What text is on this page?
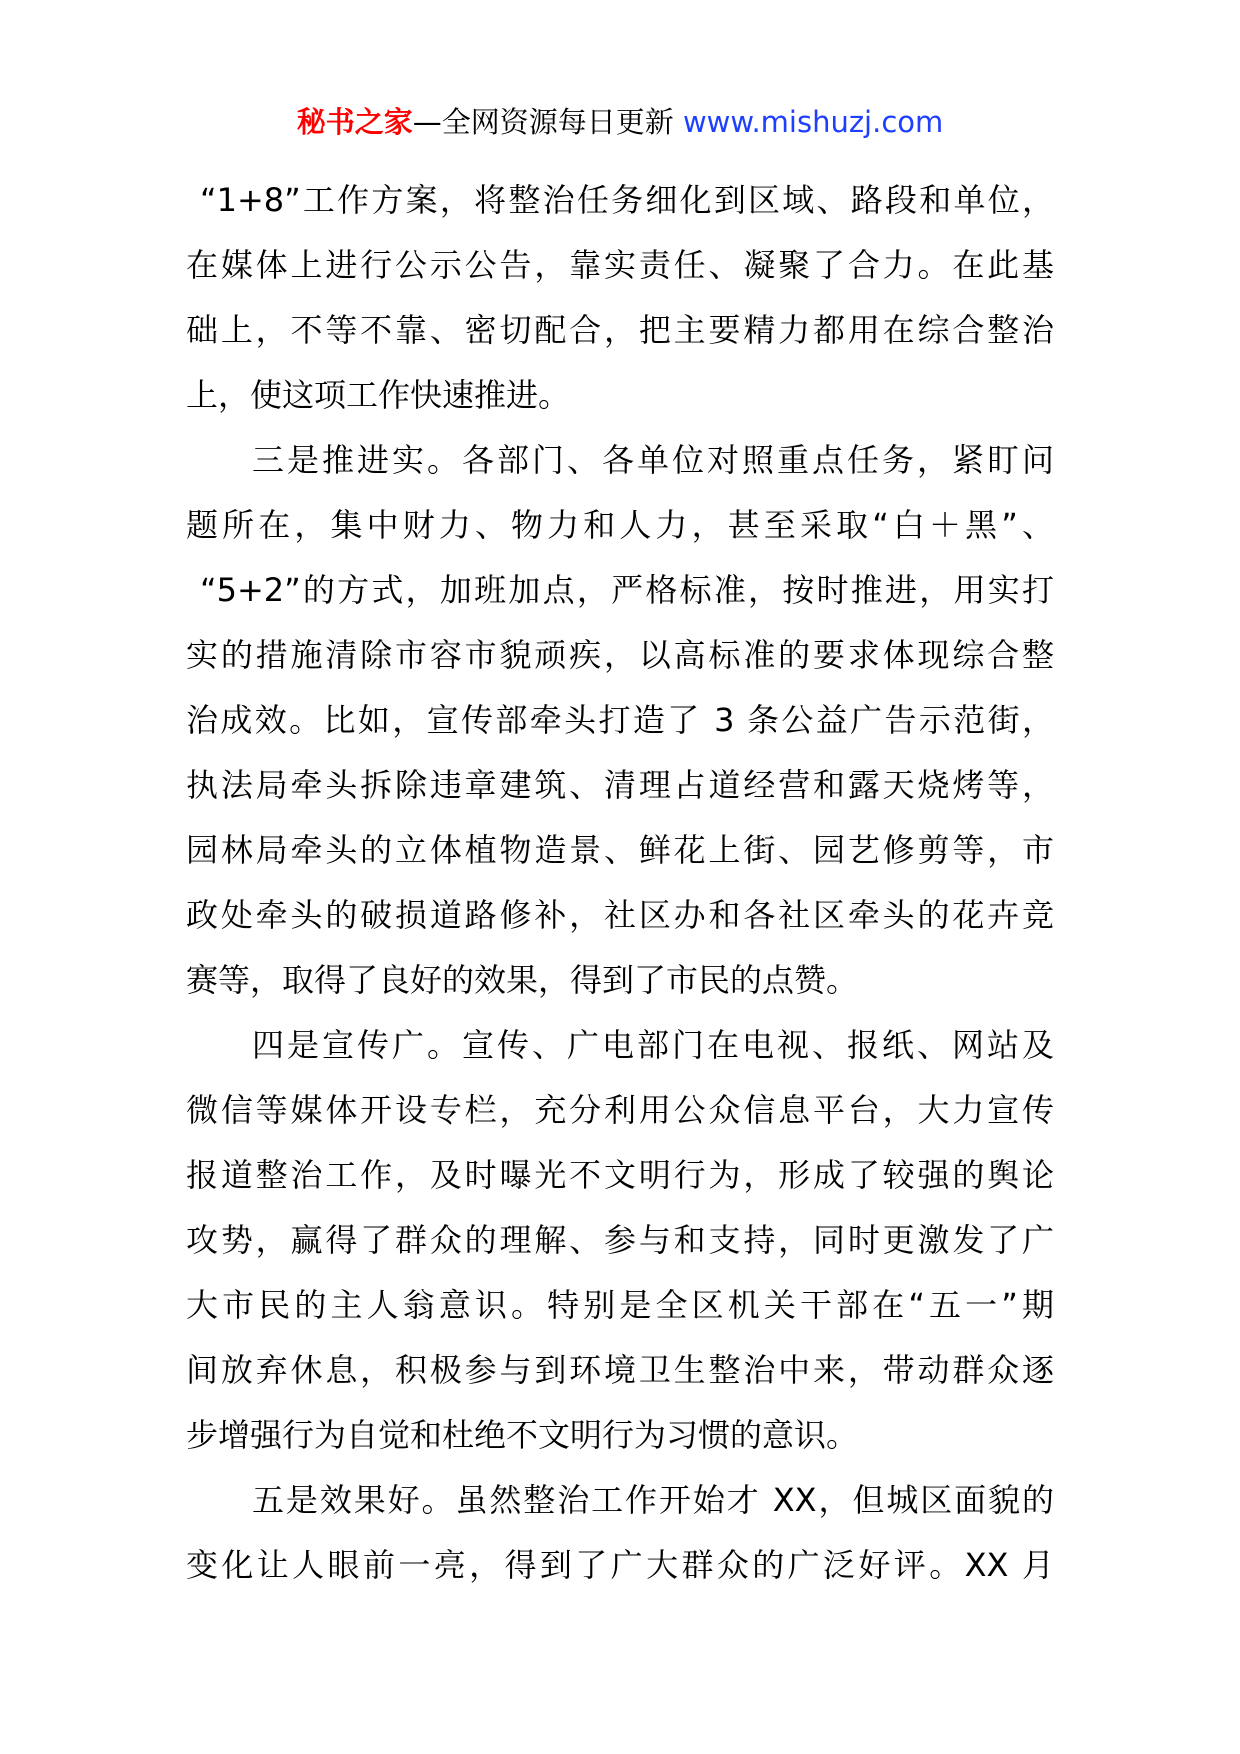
秘书之家—全网资源每日更新 www.mishuzj.com
“1+8”工作方案，将整治任务细化到区域、路段和单位，
在媒体上进行公示公告，靠实责任、凝聚了合力。在此基
础上，不等不靠、密切配合，把主要精力都用在综合整治
上，使这项工作快速推进。
三是推进实。各部门、各单位对照重点任务，紧盯问
题所在，集中财力、物力和人力，甚至采取“白＋黑”、
“5+2”的方式，加班加点，严格标准，按时推进，用实打
实的措施清除市容市貌顽疾，以高标准的要求体现综合整
治成效。比如，宣传部牵头打造了 3 条公益广告示范街，
执法局牵头拆除违章建筑、清理占道经营和露天烧烤等，
园林局牵头的立体植物造景、鲜花上街、园艺修剪等，市
政处牵头的破损道路修补，社区办和各社区牵头的花卉竞
赛等，取得了良好的效果，得到了市民的点赞。
四是宣传广。宣传、广电部门在电视、报纸、网站及
微信等媒体开设专栏，充分利用公众信息平台，大力宣传
报道整治工作，及时曝光不文明行为，形成了较强的舆论
攻势，赢得了群众的理解、参与和支持，同时更激发了广
大市民的主人翁意识。特别是全区机关干部在“五一”期
间放弃休息，积极参与到环境卫生整治中来，带动群众逐
步增强行为自觉和杜绝不文明行为习惯的意识。
五是效果好。虽然整治工作开始才 XX，但城区面貌的
变化让人眼前一亮，得到了广大群众的广泛好评。XX 月
